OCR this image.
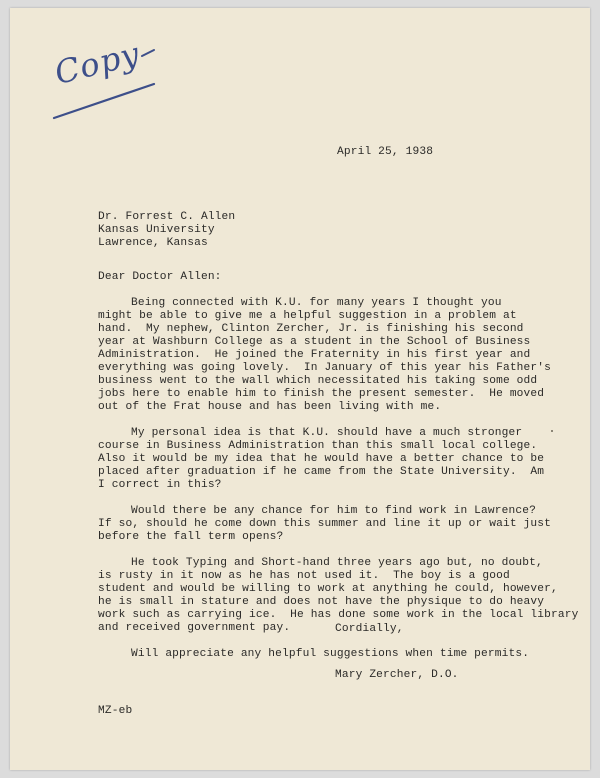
Copy
April 25, 1938
Dr. Forrest C. Allen
Kansas University
Lawrence, Kansas
Dear Doctor Allen:
Being connected with K.U. for many years I thought you
might be able to give me a helpful suggestion in a problem at
hand.  My nephew, Clinton Zercher, Jr. is finishing his second
year at Washburn College as a student in the School of Business
Administration.  He joined the Fraternity in his first year and
everything was going lovely.  In January of this year his Father's
business went to the wall which necessitated his taking some odd
jobs here to enable him to finish the present semester.  He moved
out of the Frat house and has been living with me.
My personal idea is that K.U. should have a much stronger
course in Business Administration than this small local college.
Also it would be my idea that he would have a better chance to be
placed after graduation if he came from the State University.  Am
I correct in this?
Would there be any chance for him to find work in Lawrence?
If so, should he come down this summer and line it up or wait just
before the fall term opens?
He took Typing and Short-hand three years ago but, no doubt,
is rusty in it now as he has not used it.  The boy is a good
student and would be willing to work at anything he could, however,
he is small in stature and does not have the physique to do heavy
work such as carrying ice.  He has done some work in the local library
and received government pay.
Will appreciate any helpful suggestions when time permits.
Cordially,
Mary Zercher, D.O.
MZ-eb
